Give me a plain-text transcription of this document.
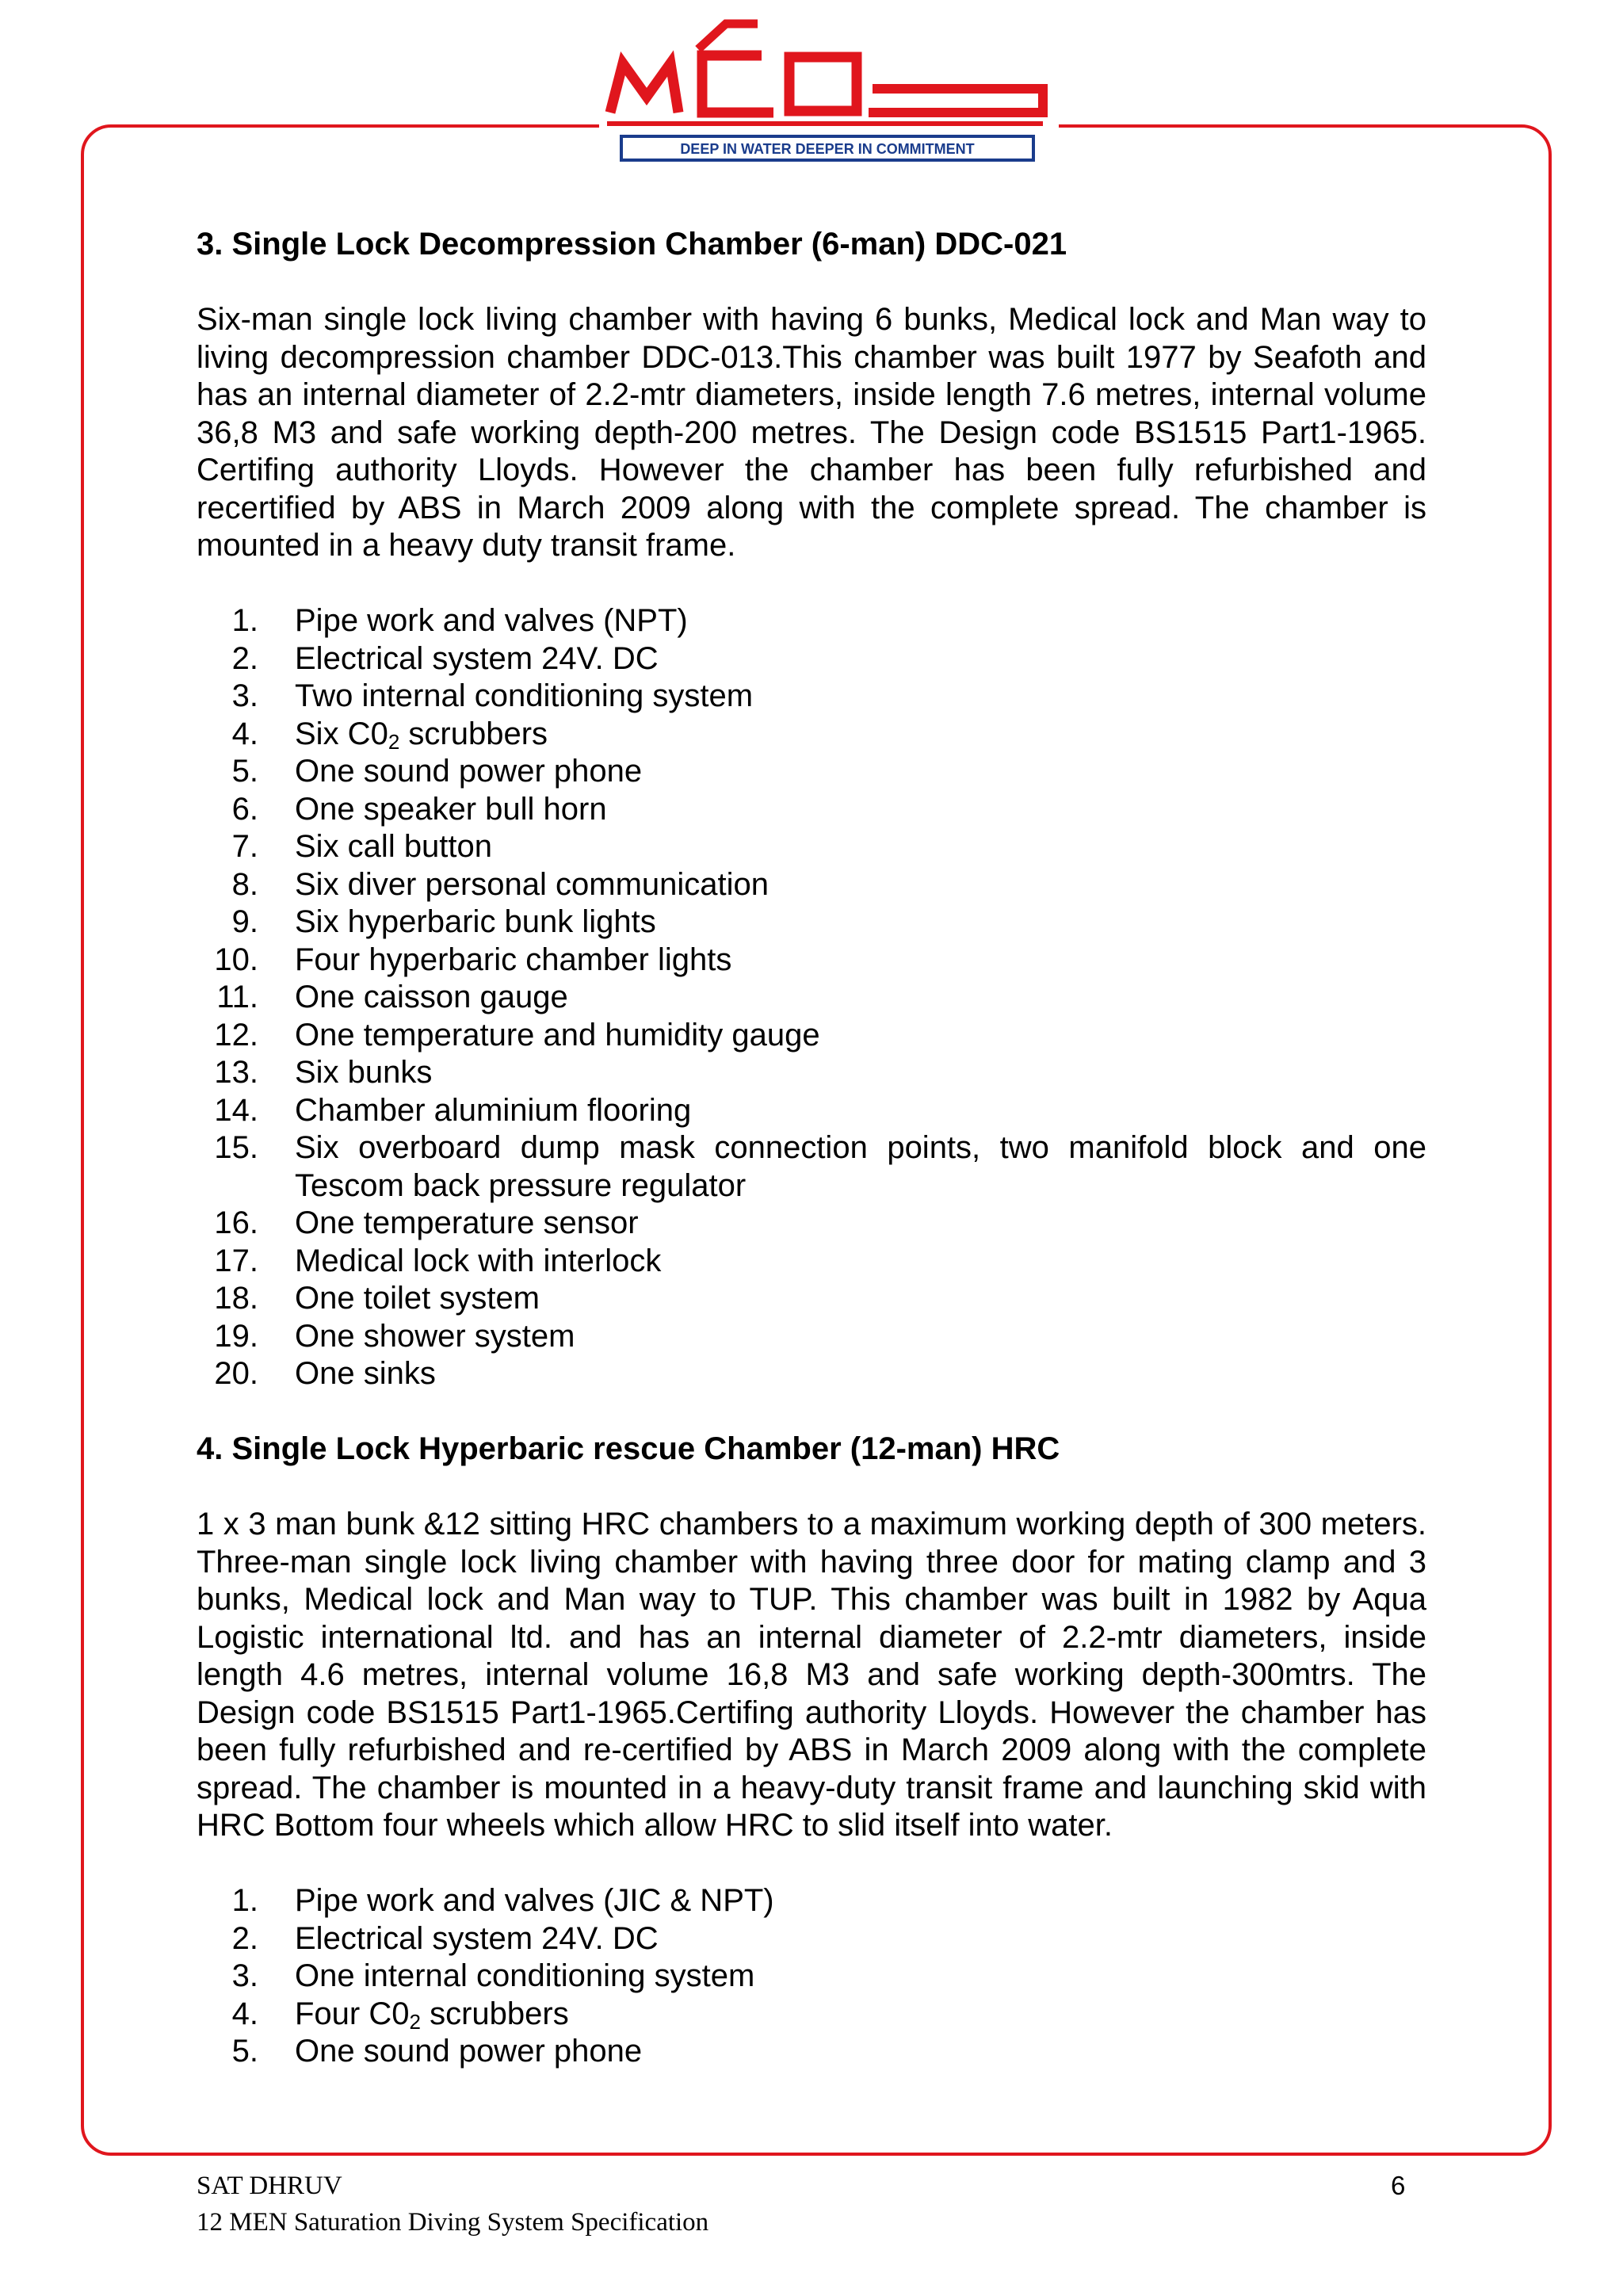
DEEP IN WATER DEEPER IN COMMITMENT

3. Single Lock Decompression Chamber (6-man) DDC-021

Six-man single lock living chamber with having 6 bunks, Medical lock and Man way to living decompression chamber DDC-013.This chamber was built 1977 by Seafoth and has an internal diameter of 2.2-mtr diameters, inside length 7.6 metres, internal volume 36,8 M3 and safe working depth-200 metres. The Design code BS1515 Part1-1965. Certifing authority Lloyds. However the chamber has been fully refurbished and recertified by ABS in March 2009 along with the complete spread. The chamber is mounted in a heavy duty transit frame.

1. Pipe work and valves (NPT)
2. Electrical system 24V. DC
3. Two internal conditioning system
4. Six $C0_2$ scrubbers
5. One sound power phone
6. One speaker bull horn
7. Six call button
8. Six diver personal communication
9. Six hyperbaric bunk lights
10. Four hyperbaric chamber lights
11. One caisson gauge
12. One temperature and humidity gauge
13. Six bunks
14. Chamber aluminium flooring
15. Six overboard dump mask connection points, two manifold block and one Tescom back pressure regulator
16. One temperature sensor
17. Medical lock with interlock
18. One toilet system
19. One shower system
20. One sinks

4. Single Lock Hyperbaric rescue Chamber (12-man) HRC

1 x 3 man bunk &12 sitting HRC chambers to a maximum working depth of 300 meters. Three-man single lock living chamber with having three door for mating clamp and 3 bunks, Medical lock and Man way to TUP. This chamber was built in 1982 by Aqua Logistic international ltd. and has an internal diameter of 2.2-mtr diameters, inside length 4.6 metres, internal volume 16,8 M3 and safe working depth-300mtrs. The Design code BS1515 Part1-1965.Certifing authority Lloyds. However the chamber has been fully refurbished and re-certified by ABS in March 2009 along with the complete spread. The chamber is mounted in a heavy-duty transit frame and launching skid with HRC Bottom four wheels which allow HRC to slid itself into water.

1. Pipe work and valves (JIC & NPT)
2. Electrical system 24V. DC
3. One internal conditioning system
4. Four $C0_2$ scrubbers
5. One sound power phone
SAT DHRUV
12 MEN Saturation Diving System Specification
6
